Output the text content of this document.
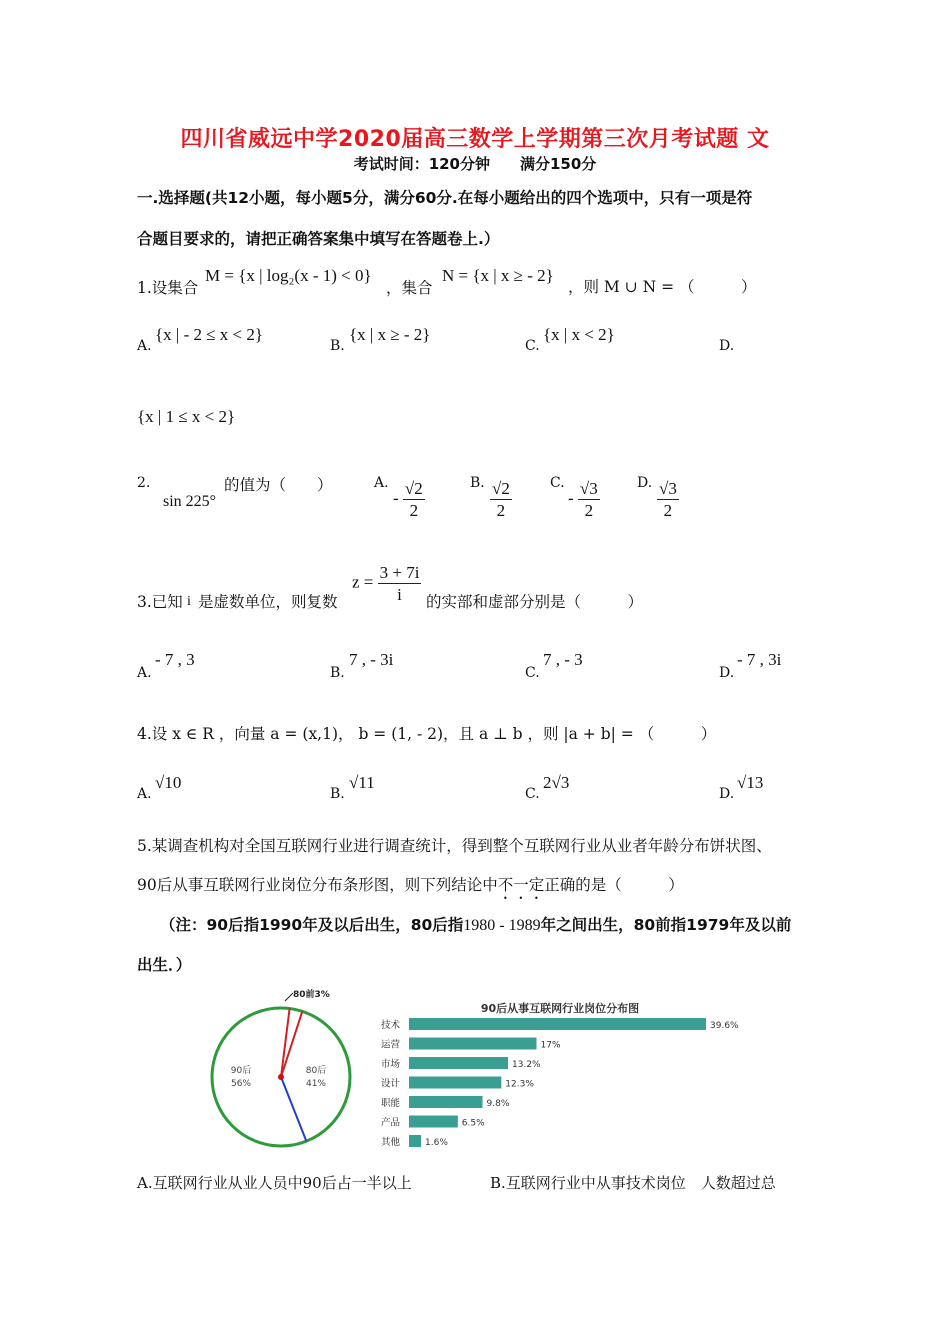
四川省威远中学2020届高三数学上学期第三次月考试题 文
考试时间：120分钟　　满分150分
一.选择题(共12小题，每小题5分，满分60分.在每小题给出的四个选项中，只有一项是符
合题目要求的，请把正确答案集中填写在答题卷上.）
1.设集合
M = {x | log₂(x - 1) < 0}
，集合
N = {x | x ≥ - 2}
，则 M ∪ N = （　　　）
A.
{x | - 2 ≤ x < 2}
B.
{x | x ≥ - 2}
C.
{x | x < 2}
D.
{x | 1 ≤ x < 2}
2.
sin 225°
的值为（　　）	A.
- $\frac{√2}{2}$	B. $\frac{√2}{2}$	C.
- $\frac{√3}{2}$	D. $\frac{√3}{2}$
3.已知 i 是虚数单位，则复数
$z = \frac{3 + 7i}{i}$ 的实部和虚部分别是（　　　）
A.
- 7 , 3
B.
7 , - 3i
C.
7 , - 3
D.
- 7 , 3i
4.设 x ∈ R ，向量 a = (x,1)， b = (1, - 2)，且 a ⊥ b ，则 |a + b| = （　　　）
A.
√10
B.
√11
C.
2√3
D.
√13
5.某调查机构对全国互联网行业进行调查统计，得到整个互联网行业从业者年龄分布饼状图、
90后从事互联网行业岗位分布条形图，则下列结论中不一定正确的是（　　　）
（注：90后指1990年及以后出生，80后指1980 - 1989年之间出生，80前指1979年及以前
出生．）
90后
56%
80后
41%
80前3%
90后从事互联网行业岗位分布图
技术	39.6%
运营	17%
市场	13.2%
设计	12.3%
职能	9.8%
产品	6.5%
其他	1.6%
A.互联网行业从业人员中90后占一半以上	B.互联网行业中从事技术岗位　人数超过总
